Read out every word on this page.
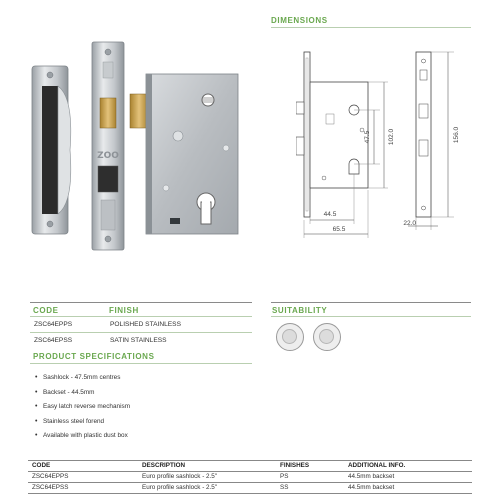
ZOO
DIMENSIONS
47.5	102.0
44.5
65.5
156.0
22.0
CODE	FINISH
ZSC64EPPS	POLISHED STAINLESS
ZSC64EPSS	SATIN STAINLESS
PRODUCT SPECIFICATIONS
• Sashlock - 47.5mm centres
• Backset - 44.5mm
• Easy latch reverse mechanism
• Stainless steel forend
• Available with plastic dust box
SUITABILITY
CODE	DESCRIPTION	FINISHES	ADDITIONAL INFO.
ZSC64EPPS	Euro profile sashlock - 2.5"	PS	44.5mm backset
ZSC64EPSS	Euro profile sashlock - 2.5"	SS	44.5mm backset
